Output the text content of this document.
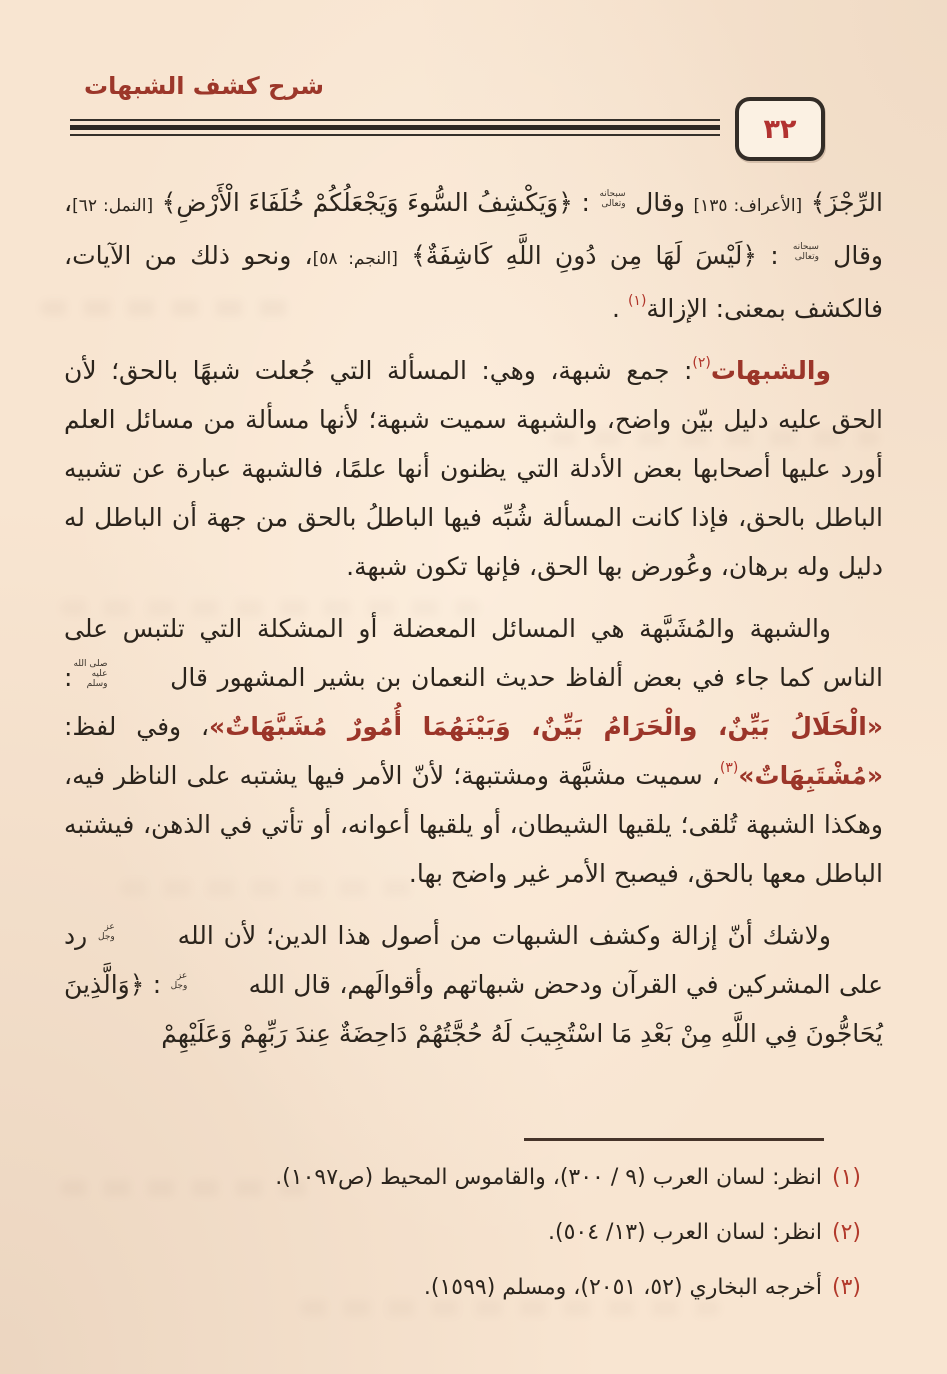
شرح كشف الشبهات
٣٢

الرِّجْزَ﴾ [الأعراف: ١٣٥] وقال
سبحانه
وتعالى
: ﴿وَيَكْشِفُ السُّوءَ وَيَجْعَلُكُمْ خُلَفَاءَ الْأَرْضِ﴾ [النمل: ٦٢]، وقال
سبحانه
وتعالى
: ﴿لَيْسَ لَهَا مِن دُونِ اللَّهِ كَاشِفَةٌ﴾ [النجم: ٥٨]، ونحو ذلك من الآيات، فالكشف بمعنى: الإزالة$^{(١)}$ .

والشبهات$^{(٢)}$: جمع شبهة، وهي: المسألة التي جُعلت شبهًا بالحق؛ لأن الحق عليه دليل بيّن واضح، والشبهة سميت شبهة؛ لأنها مسألة من مسائل العلم أورد عليها أصحابها بعض الأدلة التي يظنون أنها علمًا، فالشبهة عبارة عن تشبيه الباطل بالحق، فإذا كانت المسألة شُبِّه فيها الباطلُ بالحق من جهة أن الباطل له دليل وله برهان، وعُورض بها الحق، فإنها تكون شبهة.

والشبهة والمُشَبَّهة هي المسائل المعضلة أو المشكلة التي تلتبس على الناس كما جاء في بعض ألفاظ حديث النعمان بن بشير المشهور قال
صلى الله
عليه
وسلم
: «الْحَلَالُ بَيِّنٌ، والْحَرَامُ بَيِّنٌ، وَبَيْنَهُمَا أُمُورٌ مُشَبَّهَاتٌ»، وفي لفظ: «مُشْتَبِهَاتٌ»$^{(٣)}$، سميت مشبَّهة ومشتبهة؛ لأنّ الأمر فيها يشتبه على الناظر فيه، وهكذا الشبهة تُلقى؛ يلقيها الشيطان، أو يلقيها أعوانه، أو تأتي في الذهن، فيشتبه الباطل معها بالحق، فيصبح الأمر غير واضح بها.

ولاشك أنّ إزالة وكشف الشبهات من أصول هذا الدين؛ لأن الله
عز
وجل
رد على المشركين في القرآن ودحض شبهاتهم وأقوالَهم، قال الله
عز
وجل
: ﴿وَالَّذِينَ يُحَاجُّونَ فِي اللَّهِ مِنْ بَعْدِ مَا اسْتُجِيبَ لَهُ حُجَّتُهُمْ دَاحِضَةٌ عِندَ رَبِّهِمْ وَعَلَيْهِمْ

(١)
انظر: لسان العرب (٩ / ٣٠٠)، والقاموس المحيط (ص١٠٩٧).
(٢)
انظر: لسان العرب (١٣/ ٥٠٤).
(٣)
أخرجه البخاري (٥٢، ٢٠٥١)، ومسلم (١٥٩٩).
